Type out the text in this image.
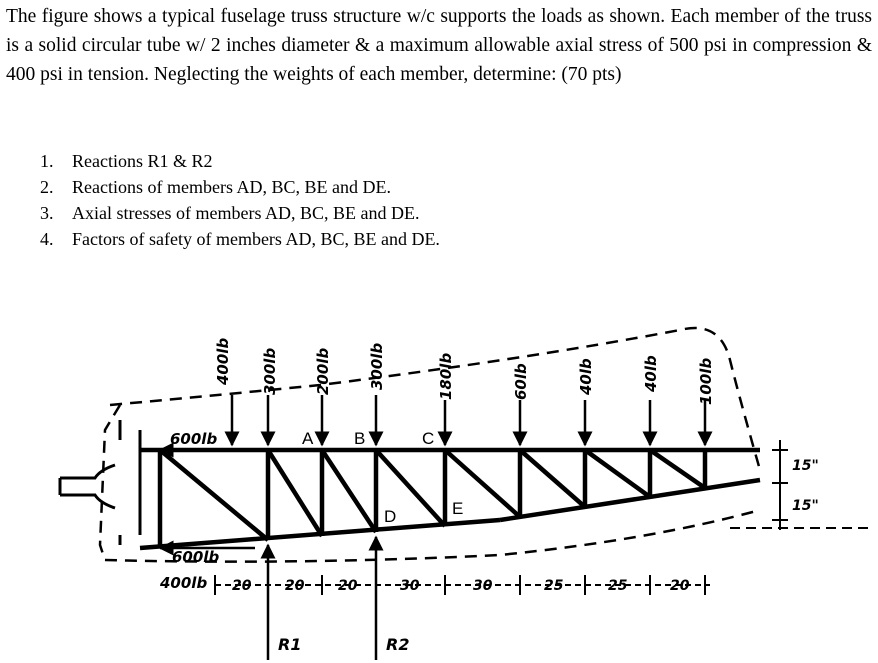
The figure shows a typical fuselage truss structure w/c supports the loads as shown. Each member of the truss is a solid circular tube w/ 2 inches diameter & a maximum allowable axial stress of 500 psi in compression & 400 psi in tension. Neglecting the weights of each member, determine: (70 pts)

1. Reactions R1 & R2
2. Reactions of members AD, BC, BE and DE.
3. Axial stresses of members AD, BC, BE and DE.
4. Factors of safety of members AD, BC, BE and DE.
400lb 300lb 200lb 300lb	180lb	60lb	40lb	40lb 100lb
600lb
600lb
400lb
A B	C
D	E
20 20 20	30	30	25	25	20
R1	R2
15"
15"
